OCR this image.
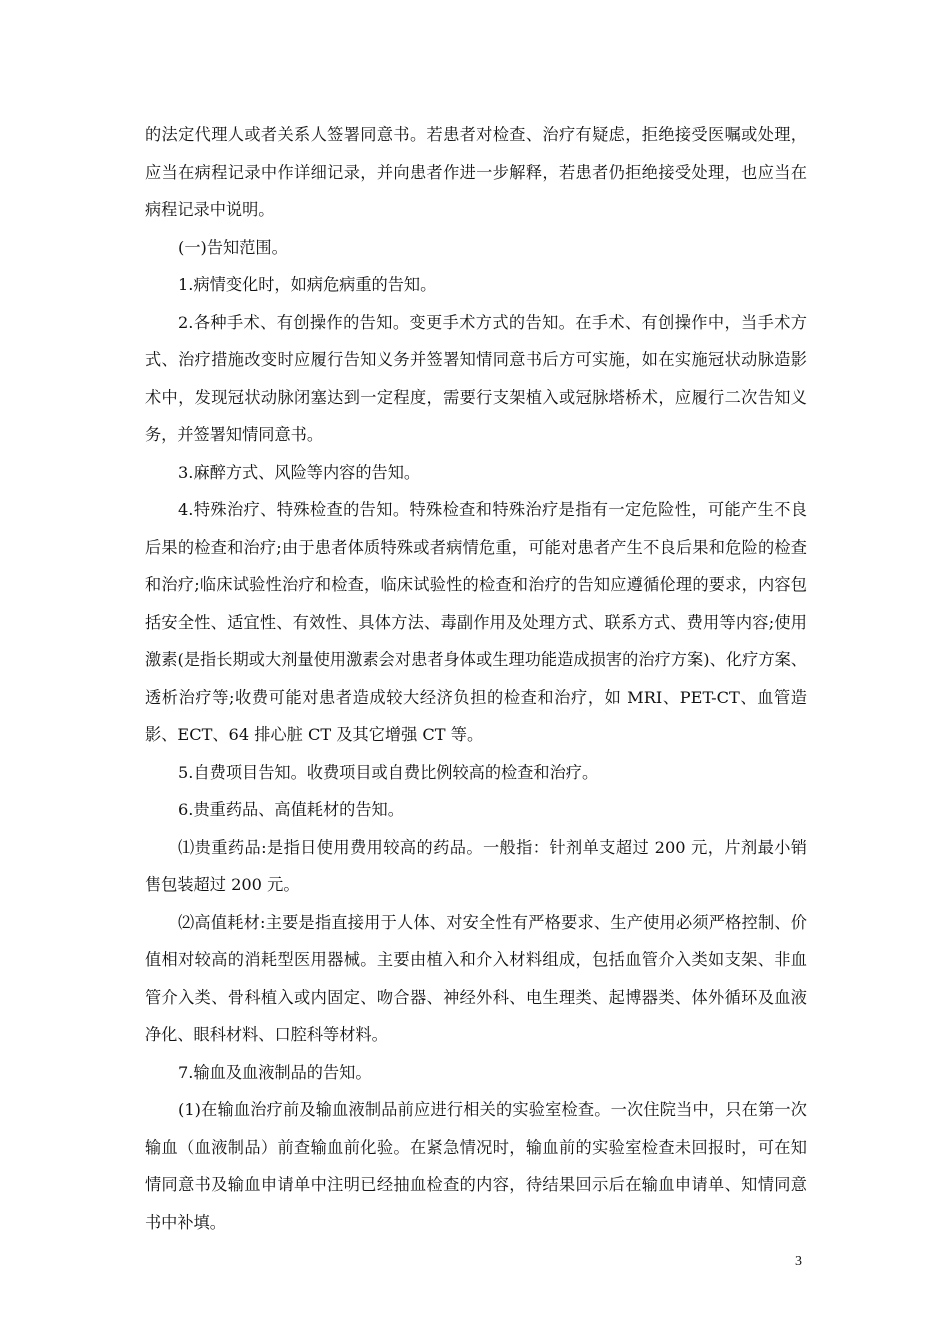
的法定代理人或者关系人签署同意书。若患者对检查、治疗有疑虑，拒绝接受医嘱或处理，应当在病程记录中作详细记录，并向患者作进一步解释，若患者仍拒绝接受处理，也应当在病程记录中说明。

(一)告知范围。

1.病情变化时，如病危病重的告知。

2.各种手术、有创操作的告知。变更手术方式的告知。在手术、有创操作中，当手术方式、治疗措施改变时应履行告知义务并签署知情同意书后方可实施，如在实施冠状动脉造影术中，发现冠状动脉闭塞达到一定程度，需要行支架植入或冠脉塔桥术，应履行二次告知义务，并签署知情同意书。

3.麻醉方式、风险等内容的告知。

4.特殊治疗、特殊检查的告知。特殊检查和特殊治疗是指有一定危险性，可能产生不良后果的检查和治疗;由于患者体质特殊或者病情危重，可能对患者产生不良后果和危险的检查和治疗;临床试验性治疗和检查，临床试验性的检查和治疗的告知应遵循伦理的要求，内容包括安全性、适宜性、有效性、具体方法、毒副作用及处理方式、联系方式、费用等内容;使用激素(是指长期或大剂量使用激素会对患者身体或生理功能造成损害的治疗方案)、化疗方案、透析治疗等;收费可能对患者造成较大经济负担的检查和治疗，如 MRI、PET-CT、血管造影、ECT、64 排心脏 CT 及其它增强 CT 等。

5.自费项目告知。收费项目或自费比例较高的检查和治疗。

6.贵重药品、高值耗材的告知。

⑴贵重药品:是指日使用费用较高的药品。一般指：针剂单支超过 200 元，片剂最小销售包装超过 200 元。

⑵高值耗材:主要是指直接用于人体、对安全性有严格要求、生产使用必须严格控制、价值相对较高的消耗型医用器械。主要由植入和介入材料组成，包括血管介入类如支架、非血管介入类、骨科植入或内固定、吻合器、神经外科、电生理类、起博器类、体外循环及血液净化、眼科材料、口腔科等材料。

7.输血及血液制品的告知。

(1)在输血治疗前及输血液制品前应进行相关的实验室检查。一次住院当中，只在第一次输血（血液制品）前查输血前化验。在紧急情况时，输血前的实验室检查未回报时，可在知情同意书及输血申请单中注明已经抽血检查的内容，待结果回示后在输血申请单、知情同意书中补填。

3
